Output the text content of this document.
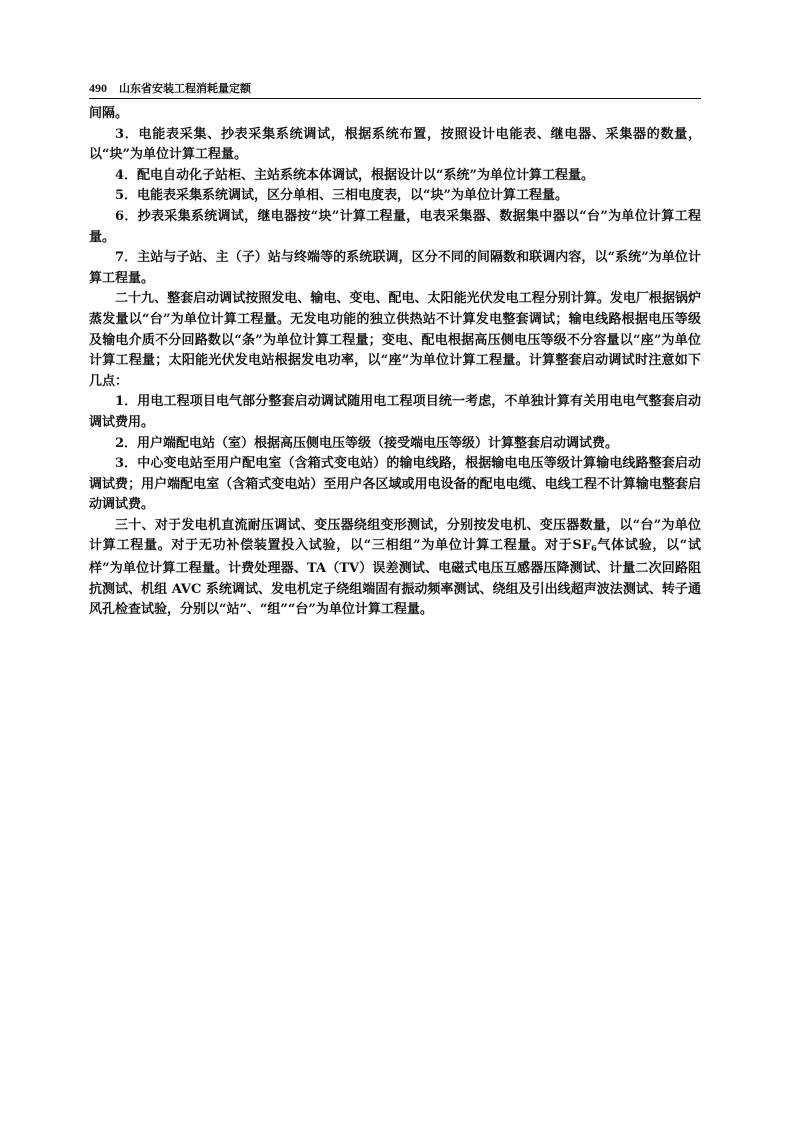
490 山东省安装工程消耗量定额

间隔。

3．电能表采集、抄表采集系统调试，根据系统布置，按照设计电能表、继电器、采集器的数量，以“块”为单位计算工程量。

4．配电自动化子站柜、主站系统本体调试，根据设计以“系统”为单位计算工程量。

5．电能表采集系统调试，区分单相、三相电度表，以“块”为单位计算工程量。

6．抄表采集系统调试，继电器按“块”计算工程量，电表采集器、数据集中器以“台”为单位计算工程量。

7．主站与子站、主（子）站与终端等的系统联调，区分不同的间隔数和联调内容，以“系统”为单位计算工程量。

二十九、整套启动调试按照发电、输电、变电、配电、太阳能光伏发电工程分别计算。发电厂根据锅炉蒸发量以“台”为单位计算工程量。无发电功能的独立供热站不计算发电整套调试；输电线路根据电压等级及输电介质不分回路数以“条”为单位计算工程量；变电、配电根据高压侧电压等级不分容量以“座”为单位计算工程量；太阳能光伏发电站根据发电功率，以“座”为单位计算工程量。计算整套启动调试时注意如下几点：

1．用电工程项目电气部分整套启动调试随用电工程项目统一考虑，不单独计算有关用电电气整套启动调试费用。

2．用户端配电站（室）根据高压侧电压等级（接受端电压等级）计算整套启动调试费。

3．中心变电站至用户配电室（含箱式变电站）的输电线路，根据输电电压等级计算输电线路整套启动调试费；用户端配电室（含箱式变电站）至用户各区域或用电设备的配电电缆、电线工程不计算输电整套启动调试费。

三十、对于发电机直流耐压调试、变压器绕组变形测试，分别按发电机、变压器数量，以“台”为单位计算工程量。对于无功补偿装置投入试验，以“三相组”为单位计算工程量。对于$SF_6$气体试验，以“试样”为单位计算工程量。计费处理器、TA（TV）误差测试、电磁式电压互感器压降测试、计量二次回路阻抗测试、机组 AVC 系统调试、发电机定子绕组端固有振动频率测试、绕组及引出线超声波法测试、转子通风孔检查试验，分别以“站”、“组”“台”为单位计算工程量。
